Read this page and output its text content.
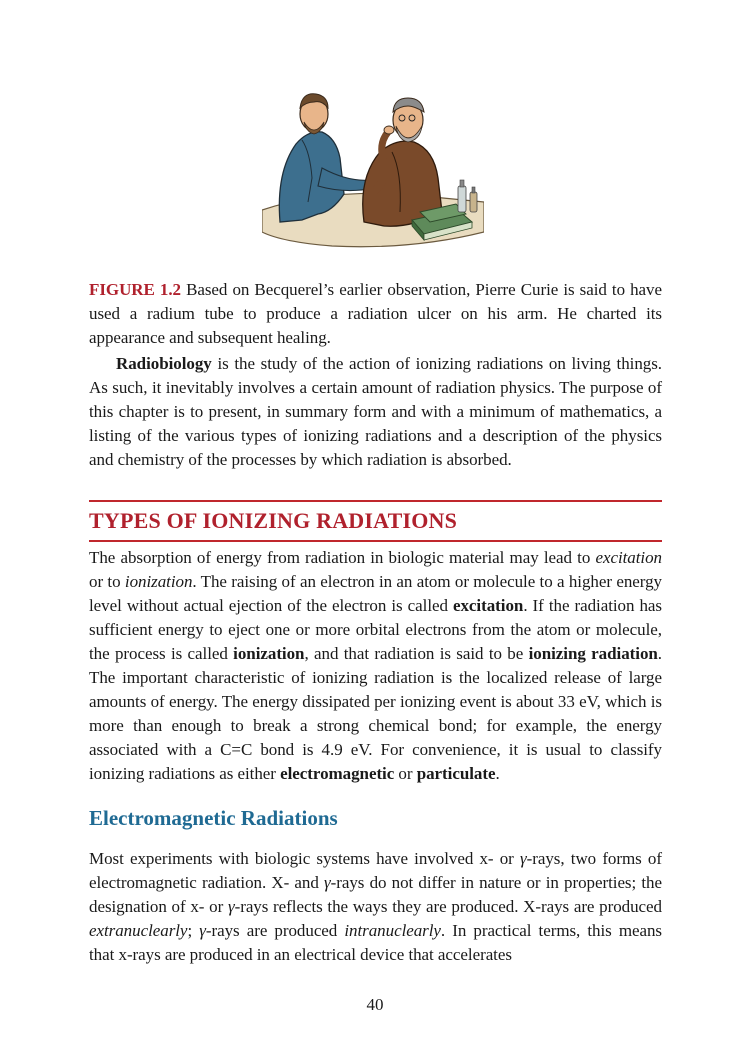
FIGURE 1.2 Based on Becquerel’s earlier observation, Pierre Curie is said to have used a radium tube to produce a radiation ulcer on his arm. He charted its appearance and subsequent healing.

Radiobiology is the study of the action of ionizing radiations on living things. As such, it inevitably involves a certain amount of radiation physics. The purpose of this chapter is to present, in summary form and with a minimum of mathematics, a listing of the various types of ionizing radiations and a description of the physics and chemistry of the processes by which radiation is absorbed.

TYPES OF IONIZING RADIATIONS

The absorption of energy from radiation in biologic material may lead to excitation or to ionization. The raising of an electron in an atom or molecule to a higher energy level without actual ejection of the electron is called excitation. If the radiation has sufficient energy to eject one or more orbital electrons from the atom or molecule, the process is called ionization, and that radiation is said to be ionizing radiation. The important characteristic of ionizing radiation is the localized release of large amounts of energy. The energy dissipated per ionizing event is about 33 eV, which is more than enough to break a strong chemical bond; for example, the energy associated with a C=C bond is 4.9 eV. For convenience, it is usual to classify ionizing radiations as either electromagnetic or particulate.

Electromagnetic Radiations

Most experiments with biologic systems have involved x- or γ-rays, two forms of electromagnetic radiation. X- and γ-rays do not differ in nature or in properties; the designation of x- or γ-rays reflects the ways they are produced. X-rays are produced extranuclearly; γ-rays are produced intranuclearly. In practical terms, this means that x-rays are produced in an electrical device that accelerates

40
